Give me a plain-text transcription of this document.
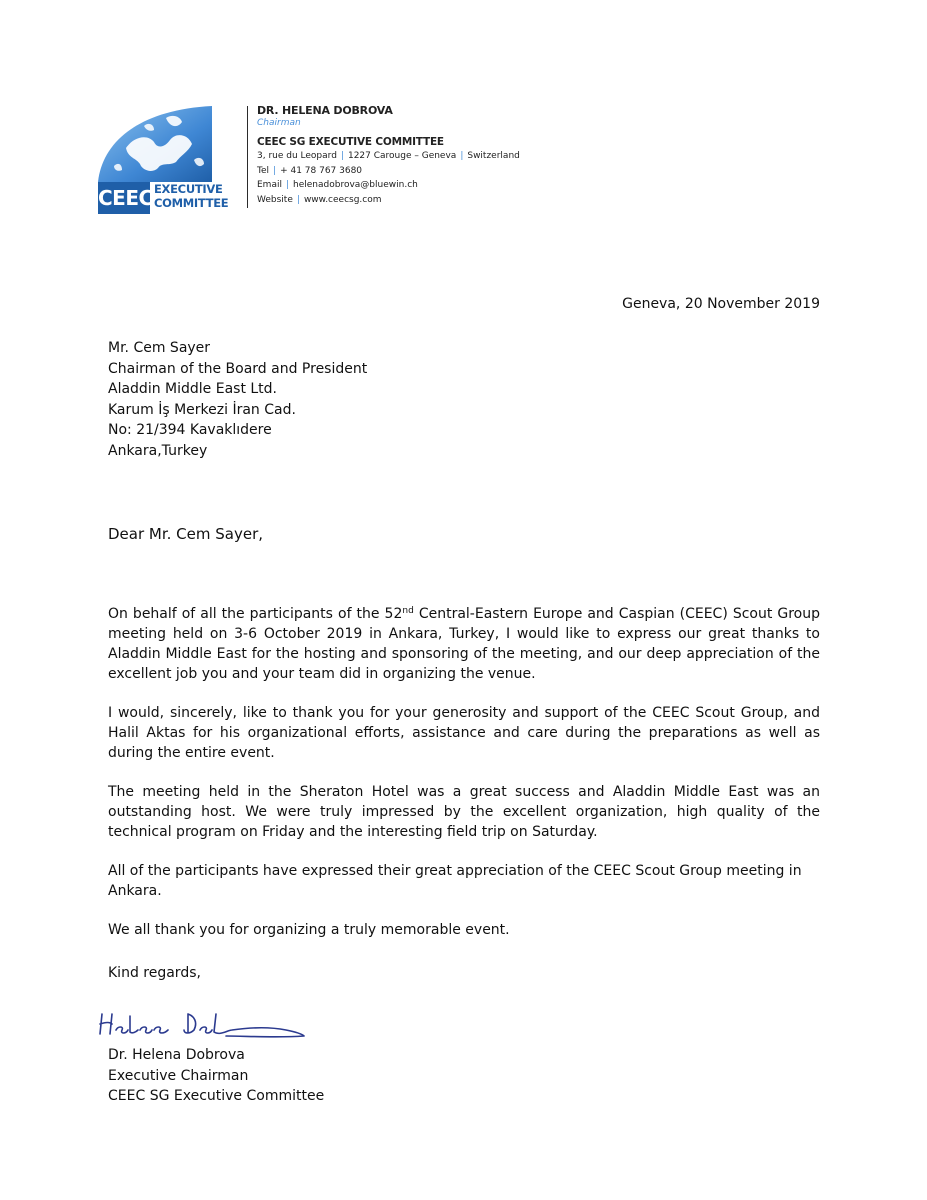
CEEC EXECUTIVE
COMMITTEE
DR. HELENA DOBROVA
Chairman
CEEC SG EXECUTIVE COMMITTEE
3, rue du Leopard | 1227 Carouge – Geneva | Switzerland
Tel | + 41 78 767 3680
Email | helenadobrova@bluewin.ch
Website | www.ceecsg.com
Geneva, 20 November 2019
Mr. Cem Sayer
Chairman of the Board and President
Aladdin Middle East Ltd.
Karum İş Merkezi İran Cad.
No: 21/394 Kavaklıdere
Ankara,Turkey
Dear Mr. Cem Sayer,

On behalf of all the participants of the 52nd Central-Eastern Europe and Caspian (CEEC) Scout Group meeting held on 3-6 October 2019 in Ankara, Turkey, I would like to express our great thanks to Aladdin Middle East for the hosting and sponsoring of the meeting, and our deep appreciation of the excellent job you and your team did in organizing the venue.

I would, sincerely, like to thank you for your generosity and support of the CEEC Scout Group, and Halil Aktas for his organizational efforts, assistance and care during the preparations as well as during the entire event.

The meeting held in the Sheraton Hotel was a great success and Aladdin Middle East was an outstanding host. We were truly impressed by the excellent organization, high quality of the technical program on Friday and the interesting field trip on Saturday.

All of the participants have expressed their great appreciation of the CEEC Scout Group meeting in Ankara.

We all thank you for organizing a truly memorable event.

Kind regards,
Dr. Helena Dobrova
Executive Chairman
CEEC SG Executive Committee
